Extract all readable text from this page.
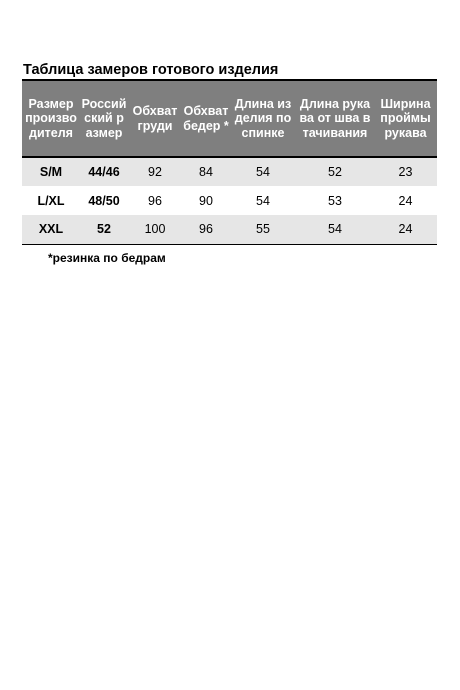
Таблица замеров готового изделия
Размер производителя	Российский размер	Обхват груди	Обхват бедер *	Длина изделия по спинке	Длина рукава от шва втачивания	Ширина проймы рукава
S/M	44/46	92	84	54	52	23
L/XL	48/50	96	90	54	53	24
XXL	52	100	96	55	54	24
*резинка по бедрам
